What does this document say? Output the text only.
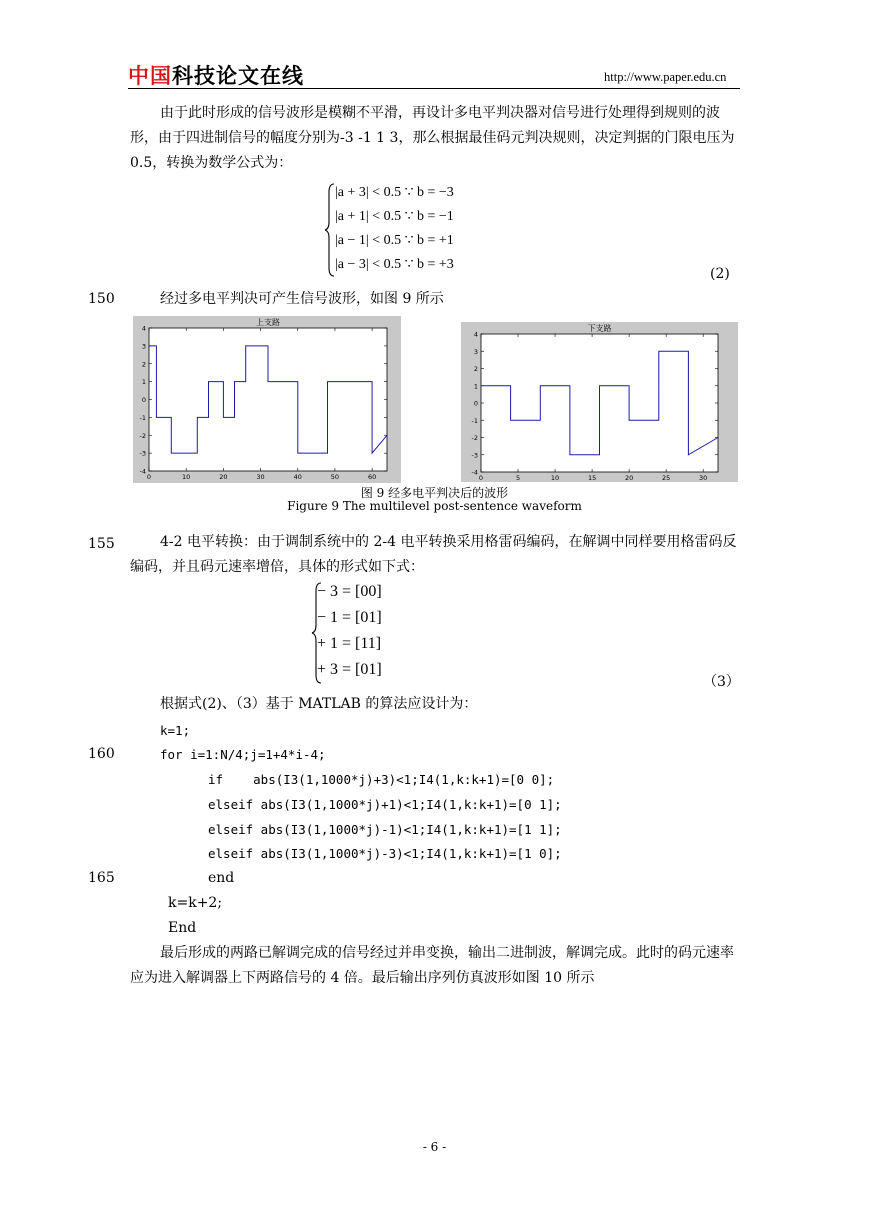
中国科技论文在线	http://www.paper.edu.cn
由于此时形成的信号波形是模糊不平滑，再设计多电平判决器对信号进行处理得到规则的波形，由于四进制信号的幅度分别为-3 -1 1 3，那么根据最佳码元判决规则，决定判据的门限电压为 0.5，转换为数学公式为：
|a + 3| < 0.5 ∵ b = −3
|a + 1| < 0.5 ∵ b = −1
|a − 1| < 0.5 ∵ b = +1
|a − 3| < 0.5 ∵ b = +3
(2)
150	经过多电平判决可产生信号波形，如图 9 所示
上支路
4
3
2
1
0
-1
-2
-3
-4
0	10	20	30	40	50	60
下支路
4
3
2
1
0
-1
-2
-3
-4
0	5	10	15	20	25	30
图 9 经多电平判决后的波形
Figure 9 The multilevel post-sentence waveform
155	4-2 电平转换：由于调制系统中的 2-4 电平转换采用格雷码编码，在解调中同样要用格雷码反编码，并且码元速率增倍，具体的形式如下式：
− 3 = [00]
− 1 = [01]
+ 1 = [11]
+ 3 = [01]
（3）
根据式(2)、（3）基于 MATLAB 的算法应设计为：
k=1;
160	for i=1:N/4;j=1+4*i-4;
if    abs(I3(1,1000*j)+3)<1;I4(1,k:k+1)=[0 0];
elseif abs(I3(1,1000*j)+1)<1;I4(1,k:k+1)=[0 1];
elseif abs(I3(1,1000*j)-1)<1;I4(1,k:k+1)=[1 1];
elseif abs(I3(1,1000*j)-3)<1;I4(1,k:k+1)=[1 0];
165	end
k=k+2;
End
最后形成的两路已解调完成的信号经过并串变换，输出二进制波，解调完成。此时的码元速率应为进入解调器上下两路信号的 4 倍。最后输出序列仿真波形如图 10 所示
- 6 -
